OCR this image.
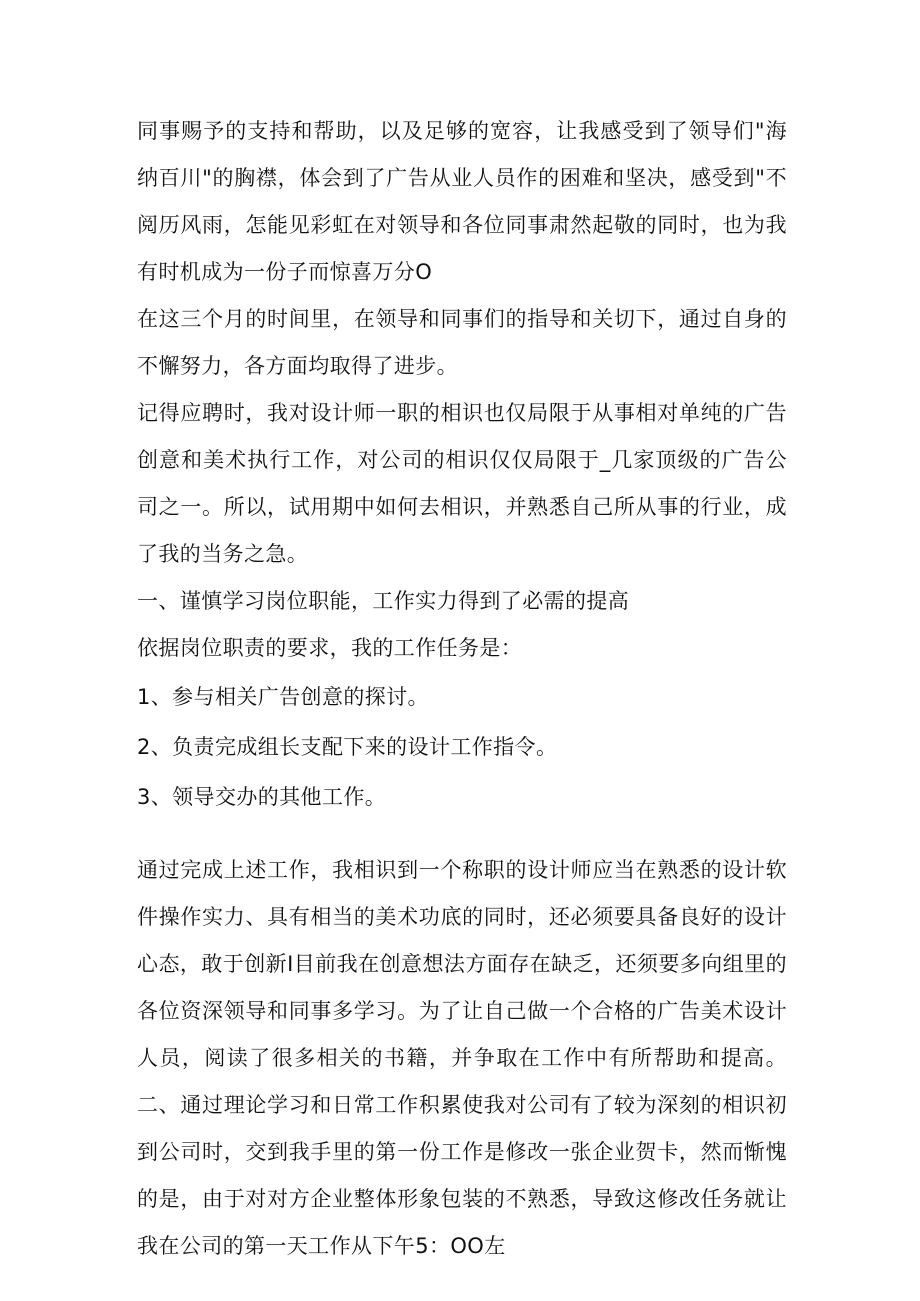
同事赐予的支持和帮助，以及足够的宽容，让我感受到了领导们"海纳百川"的胸襟，体会到了广告从业人员作的困难和坚决，感受到"不阅历风雨，怎能见彩虹在对领导和各位同事肃然起敬的同时，也为我有时机成为一份子而惊喜万分O

在这三个月的时间里，在领导和同事们的指导和关切下，通过自身的不懈努力，各方面均取得了进步。

记得应聘时，我对设计师一职的相识也仅局限于从事相对单纯的广告创意和美术执行工作，对公司的相识仅仅局限于_几家顶级的广告公司之一。所以，试用期中如何去相识，并熟悉自己所从事的行业，成了我的当务之急。

一、谨慎学习岗位职能，工作实力得到了必需的提高

依据岗位职责的要求，我的工作任务是：

1、参与相关广告创意的探讨。

2、负责完成组长支配下来的设计工作指令。

3、领导交办的其他工作。

通过完成上述工作，我相识到一个称职的设计师应当在熟悉的设计软件操作实力、具有相当的美术功底的同时，还必须要具备良好的设计心态，敢于创新I目前我在创意想法方面存在缺乏，还须要多向组里的各位资深领导和同事多学习。为了让自己做一个合格的广告美术设计人员，阅读了很多相关的书籍，并争取在工作中有所帮助和提高。二、通过理论学习和日常工作积累使我对公司有了较为深刻的相识初到公司时，交到我手里的第一份工作是修改一张企业贺卡，然而惭愧的是，由于对对方企业整体形象包装的不熟悉，导致这修改任务就让我在公司的第一天工作从下午5：OO左
